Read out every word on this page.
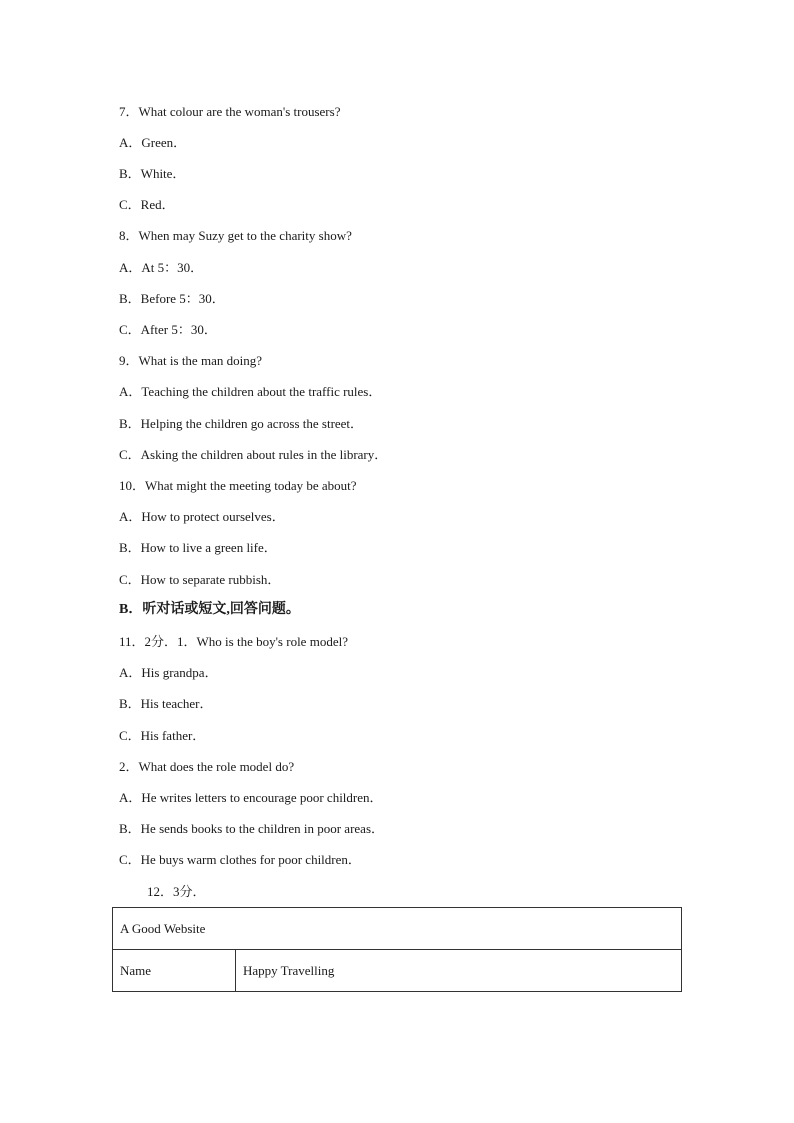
7．What colour are the woman's trousers?
A．Green．
B．White．
C．Red．
8．When may Suzy get to the charity show?
A．At 5：30．
B．Before 5：30．
C．After 5：30．
9．What is the man doing?
A．Teaching the children about the traffic rules．
B．Helping the children go across the street．
C．Asking the children about rules in the library．
10．What might the meeting today be about?
A．How to protect ourselves．
B．How to live a green life．
C．How to separate rubbish．
B．听对话或短文,回答问题。
11．2分．1．Who is the boy's role model?
A．His grandpa．
B．His teacher．
C．His father．
2．What does the role model do?
A．He writes letters to encourage poor children．
B．He sends books to the children in poor areas．
C．He buys warm clothes for poor children．
12．3分．
A Good Website
Name	Happy Travelling
